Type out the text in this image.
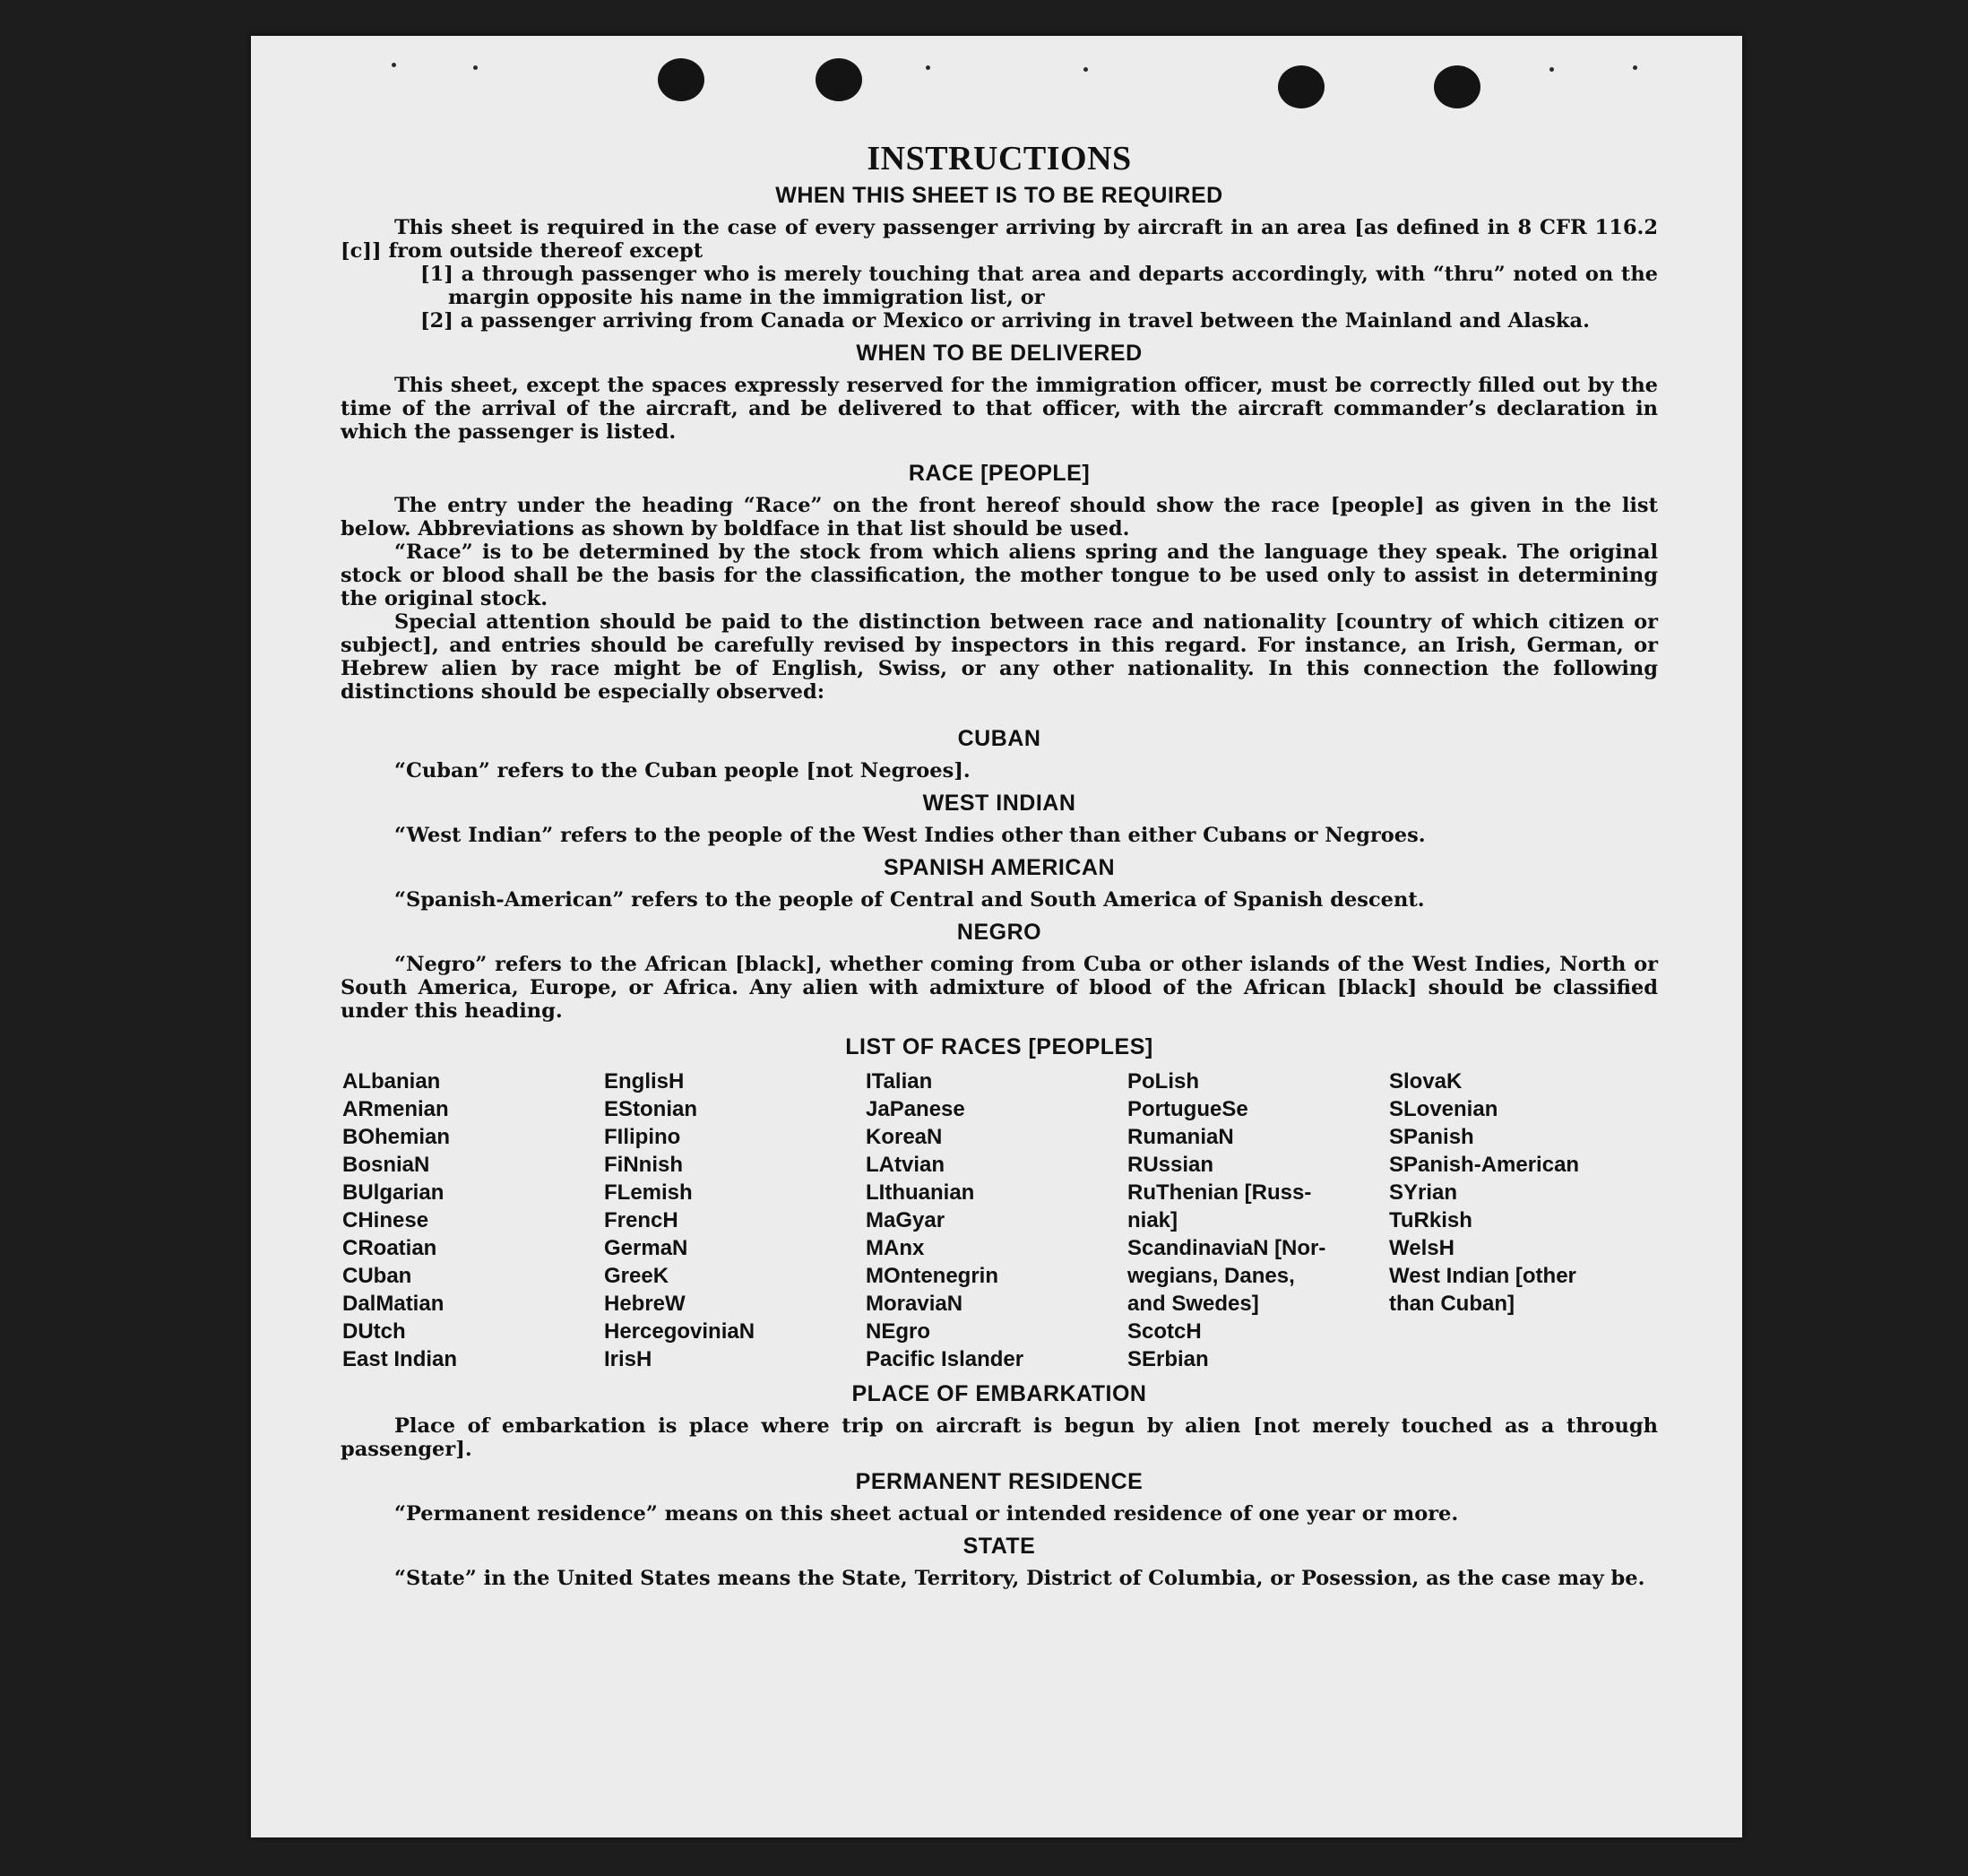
INSTRUCTIONS
WHEN THIS SHEET IS TO BE REQUIRED

This sheet is required in the case of every passenger arriving by aircraft in an area [as defined in 8 CFR 116.2 [c]] from outside thereof except

[1] a through passenger who is merely touching that area and departs accordingly, with “thru” noted on the margin opposite his name in the immigration list, or

[2] a passenger arriving from Canada or Mexico or arriving in travel between the Mainland and Alaska.

WHEN TO BE DELIVERED

This sheet, except the spaces expressly reserved for the immigration officer, must be correctly filled out by the time of the arrival of the aircraft, and be delivered to that officer, with the aircraft commander’s declaration in which the passenger is listed.

RACE [PEOPLE]

The entry under the heading “Race” on the front hereof should show the race [people] as given in the list below. Abbreviations as shown by boldface in that list should be used.

“Race” is to be determined by the stock from which aliens spring and the language they speak. The original stock or blood shall be the basis for the classification, the mother tongue to be used only to assist in determining the original stock.

Special attention should be paid to the distinction between race and nationality [country of which citizen or subject], and entries should be carefully revised by inspectors in this regard. For instance, an Irish, German, or Hebrew alien by race might be of English, Swiss, or any other nationality. In this connection the following distinctions should be especially observed:

CUBAN

“Cuban” refers to the Cuban people [not Negroes].

WEST INDIAN

“West Indian” refers to the people of the West Indies other than either Cubans or Negroes.

SPANISH AMERICAN

“Spanish-American” refers to the people of Central and South America of Spanish descent.

NEGRO

“Negro” refers to the African [black], whether coming from Cuba or other islands of the West Indies, North or South America, Europe, or Africa. Any alien with admixture of blood of the African [black] should be classified under this heading.

LIST OF RACES [PEOPLES]
ALbanian
ARmenian
BOhemian
BosniaN
BUlgarian
CHinese
CRoatian
CUban
DalMatian
DUtch
East Indian
EnglisH
EStonian
FIlipino
FiNnish
FLemish
FrencH
GermaN
GreeK
HebreW
HercegovinіaN
IrisH
ITalian
JaPanese
KoreaN
LAtvian
LIthuanian
MaGyar
MAnx
MOntenegrin
MoraviaN
NEgro
Pacific Islander
PoLish
PortugueSe
RumaniaN
RUssian
RuThenian [Russ-
niak]
ScandinaviaN [Nor-
wegians, Danes,
and Swedes]
ScotcH
SErbian
SlovaK
SLovenian
SPanish
SPanish-American
SYrian
TuRkish
WelsH
West Indian [other
than Cuban]
PLACE OF EMBARKATION

Place of embarkation is place where trip on aircraft is begun by alien [not merely touched as a through passenger].

PERMANENT RESIDENCE

“Permanent residence” means on this sheet actual or intended residence of one year or more.

STATE

“State” in the United States means the State, Territory, District of Columbia, or Posession, as the case may be.
